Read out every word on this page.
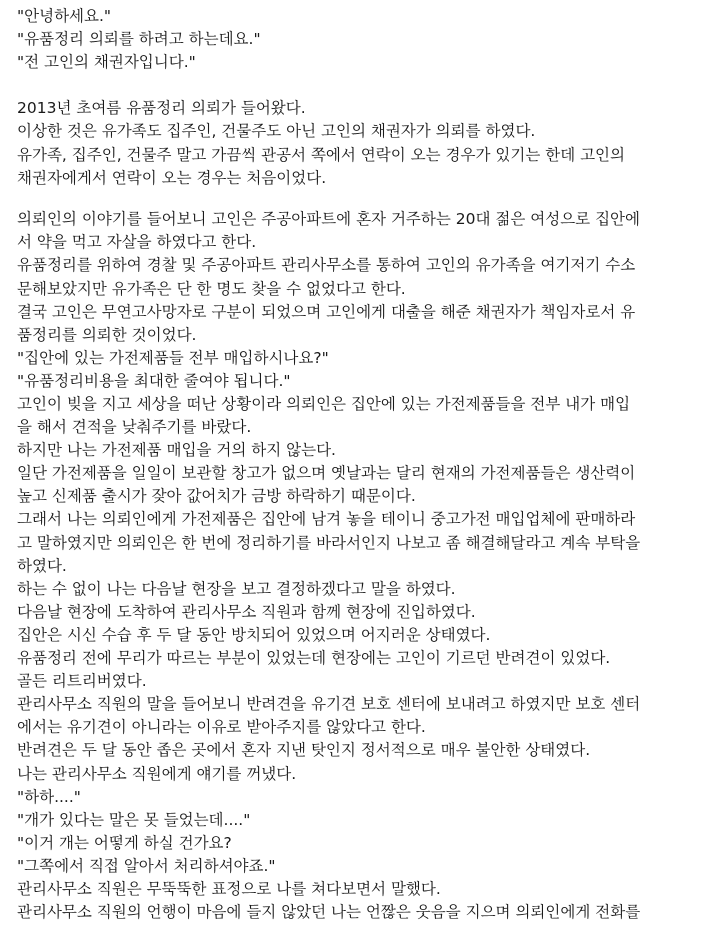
"안녕하세요."
"유품정리 의뢰를 하려고 하는데요."
"전 고인의 채권자입니다."
2013년 초여름 유품정리 의뢰가 들어왔다.
이상한 것은 유가족도 집주인, 건물주도 아닌 고인의 채권자가 의뢰를 하였다.
유가족, 집주인, 건물주 말고 가끔씩 관공서 쪽에서 연락이 오는 경우가 있기는 한데 고인의
채권자에게서 연락이 오는 경우는 처음이었다.
의뢰인의 이야기를 들어보니 고인은 주공아파트에 혼자 거주하는 20대 젊은 여성으로 집안에
서 약을 먹고 자살을 하였다고 한다.
유품정리를 위하여 경찰 및 주공아파트 관리사무소를 통하여 고인의 유가족을 여기저기 수소
문해보았지만 유가족은 단 한 명도 찾을 수 없었다고 한다.
결국 고인은 무연고사망자로 구분이 되었으며 고인에게 대출을 해준 채권자가 책임자로서 유
품정리를 의뢰한 것이었다.
"집안에 있는 가전제품들 전부 매입하시나요?"
"유품정리비용을 최대한 줄여야 됩니다."
고인이 빚을 지고 세상을 떠난 상황이라 의뢰인은 집안에 있는 가전제품들을 전부 내가 매입
을 해서 견적을 낮춰주기를 바랐다.
하지만 나는 가전제품 매입을 거의 하지 않는다.
일단 가전제품을 일일이 보관할 창고가 없으며 옛날과는 달리 현재의 가전제품들은 생산력이
높고 신제품 출시가 잦아 값어치가 금방 하락하기 때문이다.
그래서 나는 의뢰인에게 가전제품은 집안에 남겨 놓을 테이니 중고가전 매입업체에 판매하라
고 말하였지만 의뢰인은 한 번에 정리하기를 바라서인지 나보고 좀 해결해달라고 계속 부탁을
하였다.
하는 수 없이 나는 다음날 현장을 보고 결정하겠다고 말을 하였다.
다음날 현장에 도착하여 관리사무소 직원과 함께 현장에 진입하였다.
집안은 시신 수습 후 두 달 동안 방치되어 있었으며 어지러운 상태였다.
유품정리 전에 무리가 따르는 부분이 있었는데 현장에는 고인이 기르던 반려견이 있었다.
골든 리트리버였다.
관리사무소 직원의 말을 들어보니 반려견을 유기견 보호 센터에 보내려고 하였지만 보호 센터
에서는 유기견이 아니라는 이유로 받아주지를 않았다고 한다.
반려견은 두 달 동안 좁은 곳에서 혼자 지낸 탓인지 정서적으로 매우 불안한 상태였다.
나는 관리사무소 직원에게 얘기를 꺼냈다.
"하하...."
"개가 있다는 말은 못 들었는데...."
"이거 개는 어떻게 하실 건가요?
"그쪽에서 직접 알아서 처리하셔야죠."
관리사무소 직원은 무뚝뚝한 표정으로 나를 쳐다보면서 말했다.
관리사무소 직원의 언행이 마음에 들지 않았던 나는 언짢은 웃음을 지으며 의뢰인에게 전화를
